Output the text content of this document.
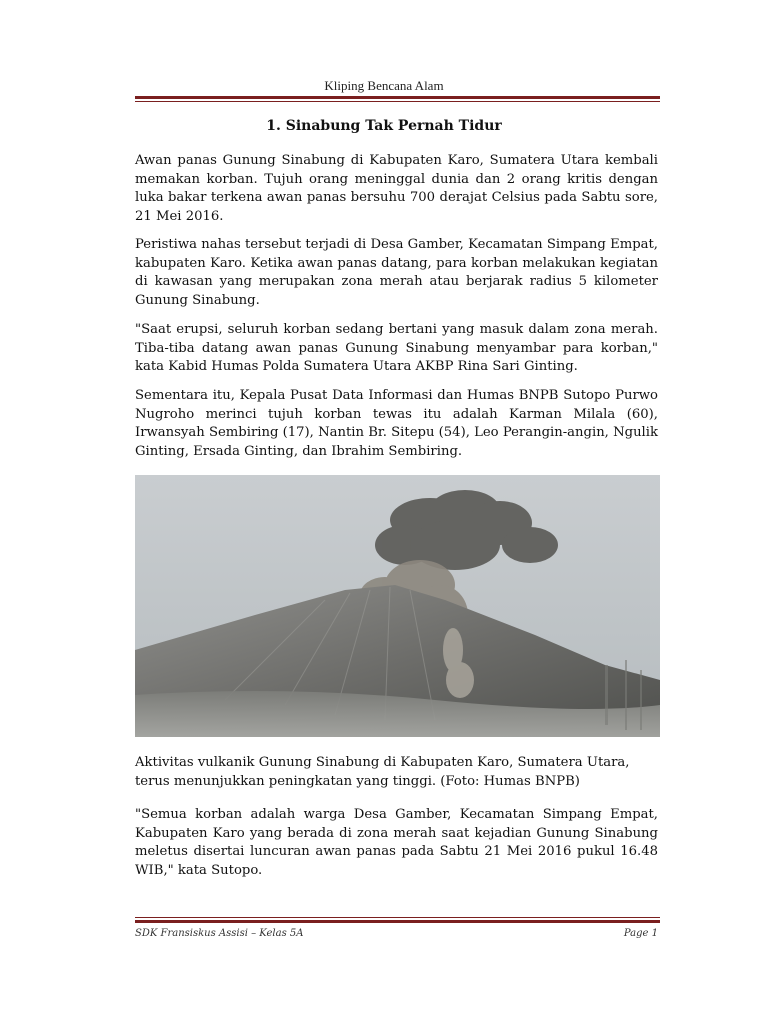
Kliping Bencana Alam
1. Sinabung Tak Pernah Tidur

Awan panas Gunung Sinabung di Kabupaten Karo, Sumatera Utara kembali memakan korban. Tujuh orang meninggal dunia dan 2 orang kritis dengan luka bakar terkena awan panas bersuhu 700 derajat Celsius pada Sabtu sore, 21 Mei 2016.

Peristiwa nahas tersebut terjadi di Desa Gamber, Kecamatan Simpang Empat, kabupaten Karo. Ketika awan panas datang, para korban melakukan kegiatan di kawasan yang merupakan zona merah atau berjarak radius 5 kilometer Gunung Sinabung.

"Saat erupsi, seluruh korban sedang bertani yang masuk dalam zona merah. Tiba-tiba datang awan panas Gunung Sinabung menyambar para korban," kata Kabid Humas Polda Sumatera Utara AKBP Rina Sari Ginting.

Sementara itu, Kepala Pusat Data Informasi dan Humas BNPB Sutopo Purwo Nugroho merinci tujuh korban tewas itu adalah Karman Milala (60), Irwansyah Sembiring (17), Nantin Br. Sitepu (54), Leo Perangin-angin, Ngulik Ginting, Ersada Ginting, dan Ibrahim Sembiring.

Aktivitas vulkanik Gunung Sinabung di Kabupaten Karo, Sumatera Utara, terus menunjukkan peningkatan yang tinggi. (Foto: Humas BNPB)

"Semua korban adalah warga Desa Gamber, Kecamatan Simpang Empat, Kabupaten Karo yang berada di zona merah saat kejadian Gunung Sinabung meletus disertai luncuran awan panas pada Sabtu 21 Mei 2016 pukul 16.48 WIB," kata Sutopo.

SDK Fransiskus Assisi – Kelas 5A	Page 1
